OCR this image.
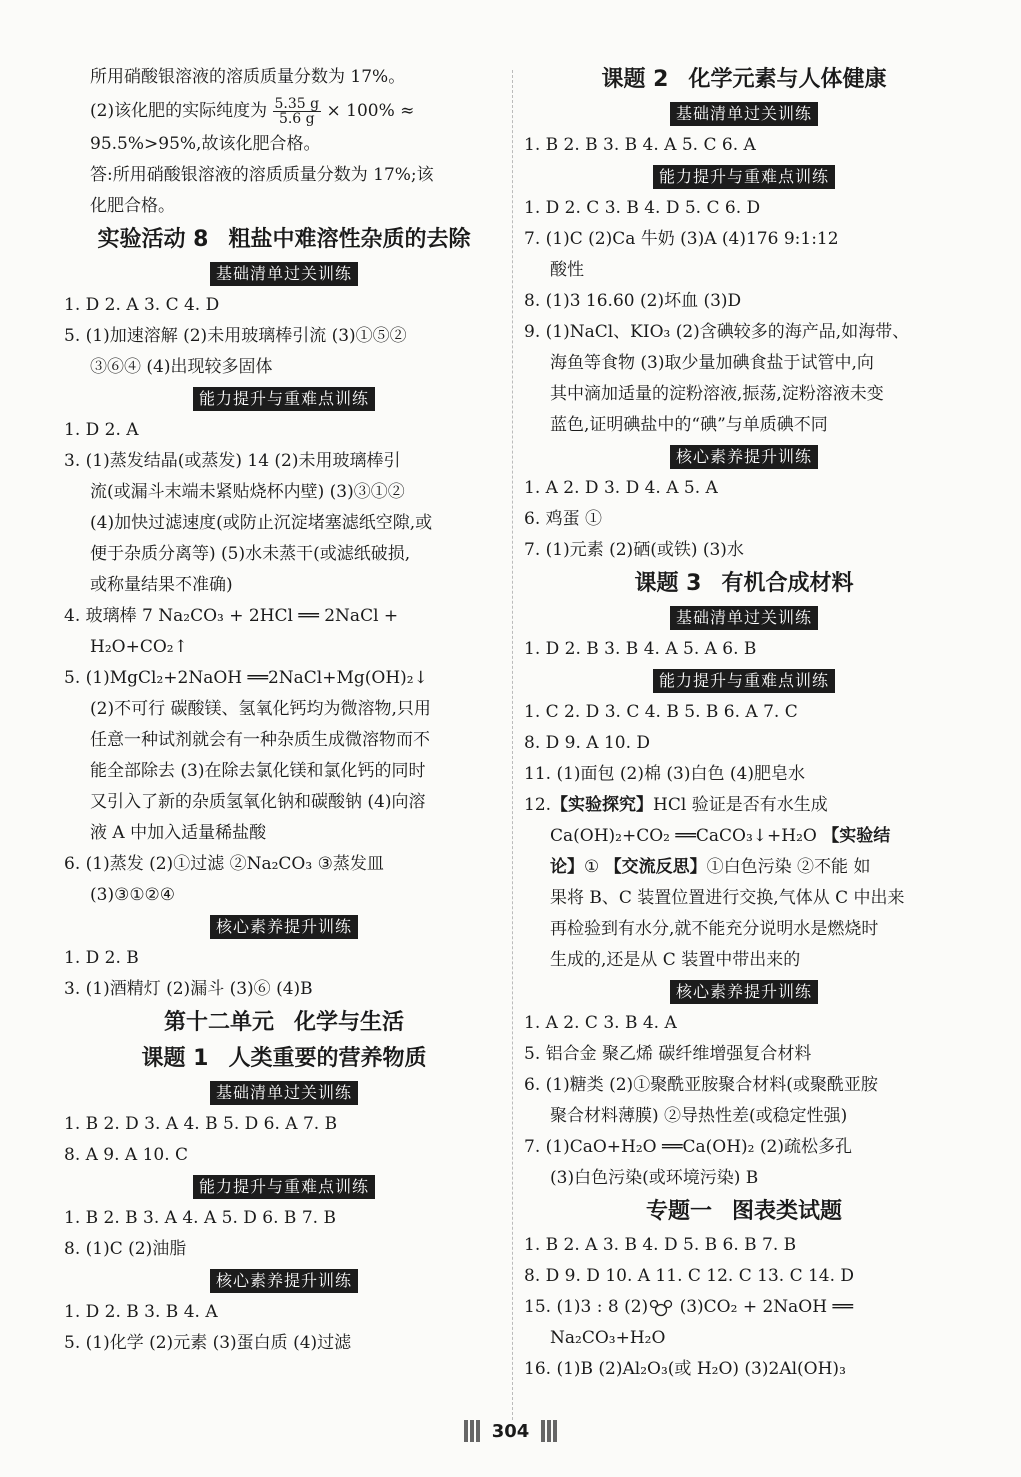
所用硝酸银溶液的溶质质量分数为 17%。
(2)该化肥的实际纯度为 $\frac{5.35 g}{5.6 g} \times 100\%$ ≈
95.5%>95%,故该化肥合格。
答:所用硝酸银溶液的溶质质量分数为 17%;该
化肥合格。
实验活动 8 粗盐中难溶性杂质的去除
基础清单过关训练
1. D 2. A 3. C 4. D
5. (1)加速溶解 (2)未用玻璃棒引流 (3)①⑤②
③⑥④ (4)出现较多固体
能力提升与重难点训练
1. D 2. A
3. (1)蒸发结晶(或蒸发) 14 (2)未用玻璃棒引
流(或漏斗末端未紧贴烧杯内壁) (3)③①②
(4)加快过滤速度(或防止沉淀堵塞滤纸空隙,或
便于杂质分离等) (5)水未蒸干(或滤纸破损,
或称量结果不准确)
4. 玻璃棒 7 Na₂CO₃ + 2HCl ══ 2NaCl +
H₂O+CO₂↑
5. (1)MgCl₂+2NaOH ══2NaCl+Mg(OH)₂↓
(2)不可行 碳酸镁、氢氧化钙均为微溶物,只用
任意一种试剂就会有一种杂质生成微溶物而不
能全部除去 (3)在除去氯化镁和氯化钙的同时
又引入了新的杂质氢氧化钠和碳酸钠 (4)向溶
液 A 中加入适量稀盐酸
6. (1)蒸发 (2)①过滤 ②Na₂CO₃ ③蒸发皿
(3)③①②④
核心素养提升训练
1. D 2. B
3. (1)酒精灯 (2)漏斗 (3)⑥ (4)B
第十二单元 化学与生活
课题 1 人类重要的营养物质
基础清单过关训练
1. B 2. D 3. A 4. B 5. D 6. A 7. B
8. A 9. A 10. C
能力提升与重难点训练
1. B 2. B 3. A 4. A 5. D 6. B 7. B
8. (1)C (2)油脂
核心素养提升训练
1. D 2. B 3. B 4. A
5. (1)化学 (2)元素 (3)蛋白质 (4)过滤
课题 2 化学元素与人体健康
基础清单过关训练
1. B 2. B 3. B 4. A 5. C 6. A
能力提升与重难点训练
1. D 2. C 3. B 4. D 5. C 6. D
7. (1)C (2)Ca 牛奶 (3)A (4)176 9:1:12
酸性
8. (1)3 16.60 (2)坏血 (3)D
9. (1)NaCl、KIO₃ (2)含碘较多的海产品,如海带、
海鱼等食物 (3)取少量加碘食盐于试管中,向
其中滴加适量的淀粉溶液,振荡,淀粉溶液未变
蓝色,证明碘盐中的“碘”与单质碘不同
核心素养提升训练
1. A 2. D 3. D 4. A 5. A
6. 鸡蛋 ①
7. (1)元素 (2)硒(或铁) (3)水
课题 3 有机合成材料
基础清单过关训练
1. D 2. B 3. B 4. A 5. A 6. B
能力提升与重难点训练
1. C 2. D 3. C 4. B 5. B 6. A 7. C
8. D 9. A 10. D
11. (1)面包 (2)棉 (3)白色 (4)肥皂水
12.【实验探究】HCl 验证是否有水生成
Ca(OH)₂+CO₂ ══CaCO₃↓+H₂O 【实验结
论】① 【交流反思】①白色污染 ②不能 如
果将 B、C 装置位置进行交换,气体从 C 中出来
再检验到有水分,就不能充分说明水是燃烧时
生成的,还是从 C 装置中带出来的
核心素养提升训练
1. A 2. C 3. B 4. A
5. 铝合金 聚乙烯 碳纤维增强复合材料
6. (1)糖类 (2)①聚酰亚胺聚合材料(或聚酰亚胺
聚合材料薄膜) ②导热性差(或稳定性强)
7. (1)CaO+H₂O ══Ca(OH)₂ (2)疏松多孔
(3)白色污染(或环境污染) B
专题一 图表类试题
1. B 2. A 3. B 4. D 5. B 6. B 7. B
8. D 9. D 10. A 11. C 12. C 13. C 14. D
15. (1)3 : 8 (2) (3)CO₂ + 2NaOH ══
Na₂CO₃+H₂O
16. (1)B (2)Al₂O₃(或 H₂O) (3)2Al(OH)₃
304
